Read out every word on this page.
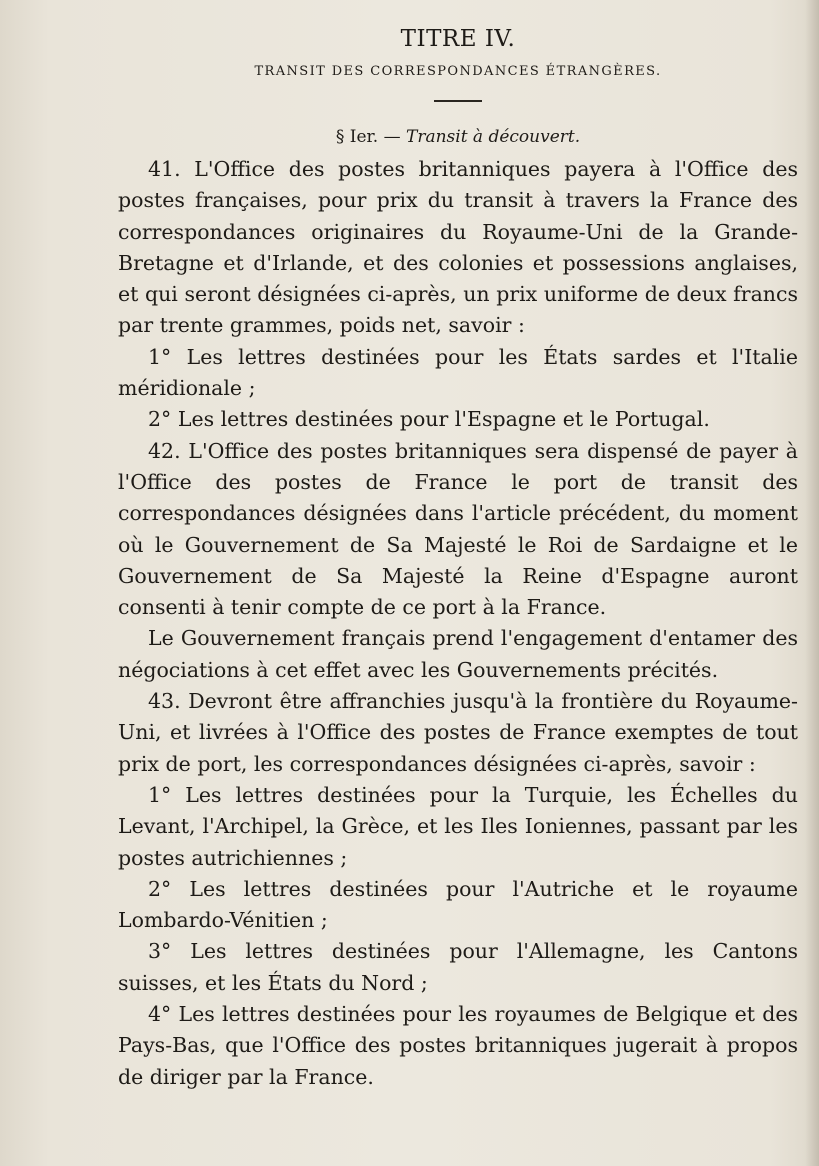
TITRE IV.
TRANSIT DES CORRESPONDANCES ÉTRANGÈRES.
§ Ier. — Transit à découvert.

41. L'Office des postes britanniques payera à l'Office des postes françaises, pour prix du transit à travers la France des correspondances originaires du Royaume-Uni de la Grande-Bretagne et d'Irlande, et des colonies et possessions anglaises, et qui seront désignées ci-après, un prix uniforme de deux francs par trente grammes, poids net, savoir :

1° Les lettres destinées pour les États sardes et l'Italie méridionale ;

2° Les lettres destinées pour l'Espagne et le Portugal.

42. L'Office des postes britanniques sera dispensé de payer à l'Office des postes de France le port de transit des correspondances désignées dans l'article précédent, du moment où le Gouvernement de Sa Majesté le Roi de Sardaigne et le Gouvernement de Sa Majesté la Reine d'Espagne auront consenti à tenir compte de ce port à la France.

Le Gouvernement français prend l'engagement d'entamer des négociations à cet effet avec les Gouvernements précités.

43. Devront être affranchies jusqu'à la frontière du Royaume-Uni, et livrées à l'Office des postes de France exemptes de tout prix de port, les correspondances désignées ci-après, savoir :

1° Les lettres destinées pour la Turquie, les Échelles du Levant, l'Archipel, la Grèce, et les Iles Ioniennes, passant par les postes autrichiennes ;

2° Les lettres destinées pour l'Autriche et le royaume Lombardo-Vénitien ;

3° Les lettres destinées pour l'Allemagne, les Cantons suisses, et les États du Nord ;

4° Les lettres destinées pour les royaumes de Belgique et des Pays-Bas, que l'Office des postes britanniques jugerait à propos de diriger par la France.
